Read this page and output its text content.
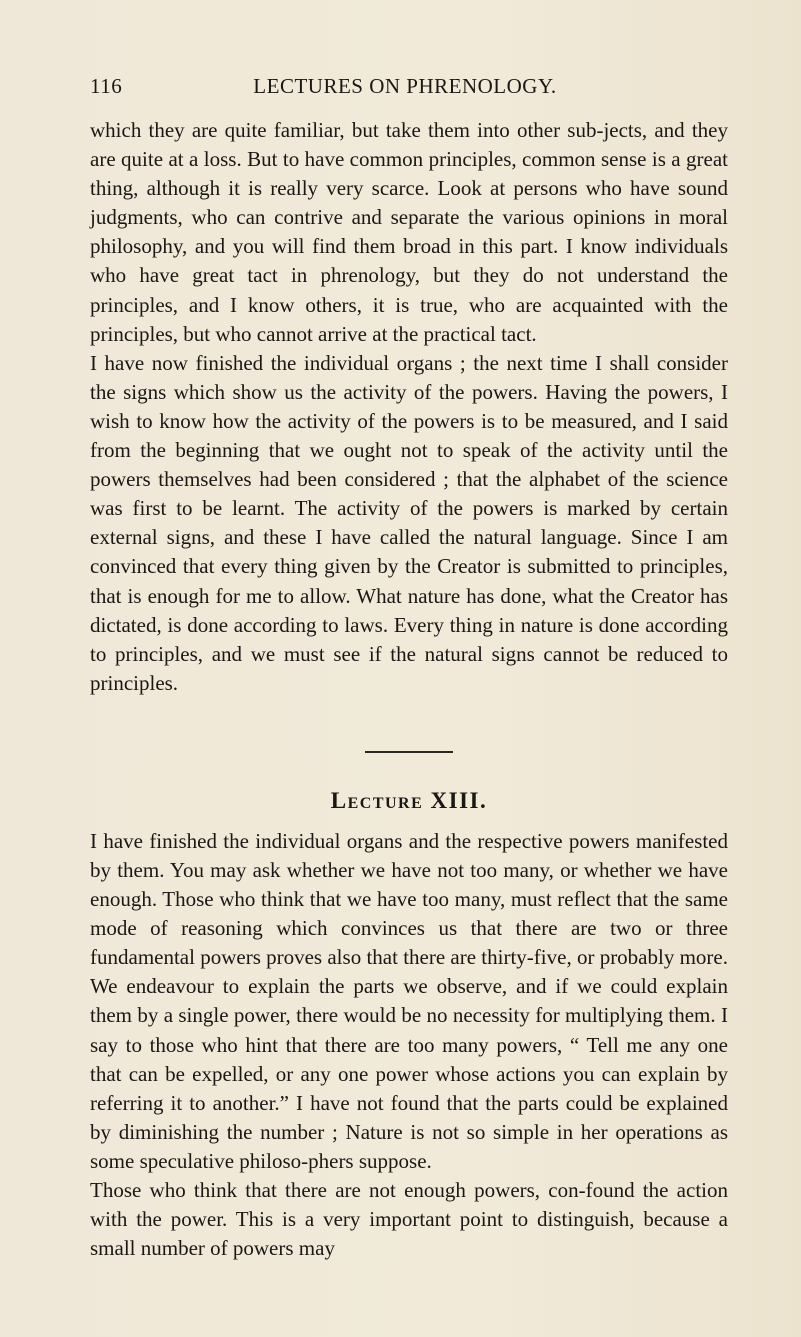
116	LECTURES ON PHRENOLOGY.

which they are quite familiar, but take them into other sub-jects, and they are quite at a loss. But to have common principles, common sense is a great thing, although it is really very scarce. Look at persons who have sound judgments, who can contrive and separate the various opinions in moral philosophy, and you will find them broad in this part. I know individuals who have great tact in phrenology, but they do not understand the principles, and I know others, it is true, who are acquainted with the principles, but who cannot arrive at the practical tact.

I have now finished the individual organs ; the next time I shall consider the signs which show us the activity of the powers. Having the powers, I wish to know how the activity of the powers is to be measured, and I said from the beginning that we ought not to speak of the activity until the powers themselves had been considered ; that the alphabet of the science was first to be learnt. The activity of the powers is marked by certain external signs, and these I have called the natural language. Since I am convinced that every thing given by the Creator is submitted to principles, that is enough for me to allow. What nature has done, what the Creator has dictated, is done according to laws. Every thing in nature is done according to principles, and we must see if the natural signs cannot be reduced to principles.

Lecture XIII.

I have finished the individual organs and the respective powers manifested by them. You may ask whether we have not too many, or whether we have enough. Those who think that we have too many, must reflect that the same mode of reasoning which convinces us that there are two or three fundamental powers proves also that there are thirty-five, or probably more. We endeavour to explain the parts we observe, and if we could explain them by a single power, there would be no necessity for multiplying them. I say to those who hint that there are too many powers, “ Tell me any one that can be expelled, or any one power whose actions you can explain by referring it to another.” I have not found that the parts could be explained by diminishing the number ; Nature is not so simple in her operations as some speculative philoso-phers suppose.

Those who think that there are not enough powers, con-found the action with the power. This is a very important point to distinguish, because a small number of powers may
